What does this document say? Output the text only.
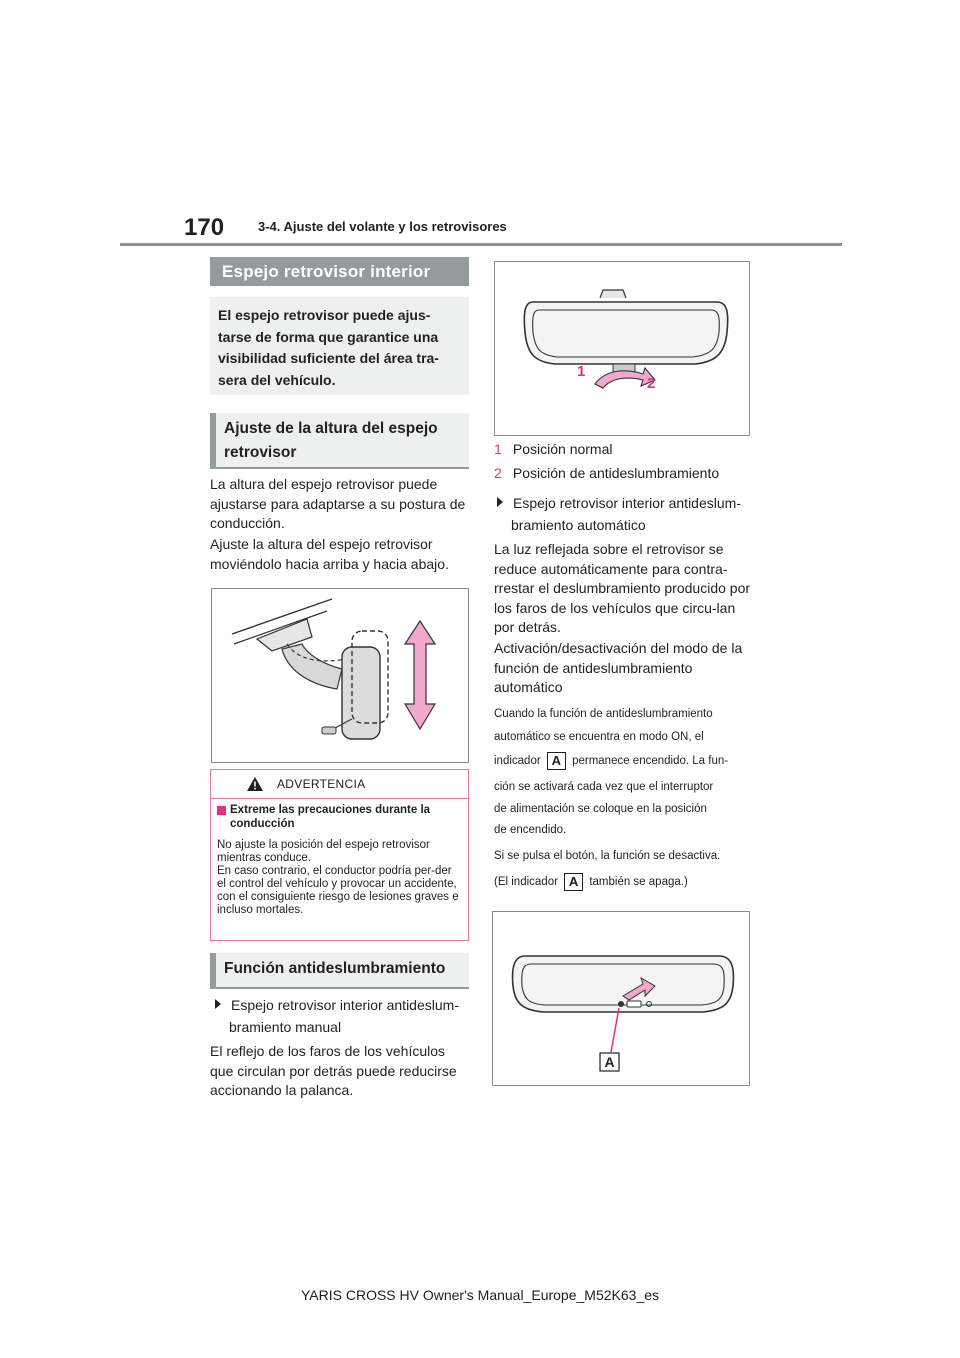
170	3-4. Ajuste del volante y los retrovisores
Espejo retrovisor interior
El espejo retrovisor puede ajus-
tarse de forma que garantice una
visibilidad suficiente del área tra-
sera del vehículo.
Ajuste de la altura del espejo
retrovisor
La altura del espejo retrovisor puede ajustarse para adaptarse a su postura de conducción.
Ajuste la altura del espejo retrovisor moviéndolo hacia arriba y hacia abajo.
ADVERTENCIA
Extreme las precauciones durante la conducción
No ajuste la posición del espejo retrovisor mientras conduce.
En caso contrario, el conductor podría per-der el control del vehículo y provocar un accidente, con el consiguiente riesgo de lesiones graves e incluso mortales.
Función antideslumbramiento
Espejo retrovisor interior antideslum-
bramiento manual
El reflejo de los faros de los vehículos que circulan por detrás puede reducirse accionando la palanca.
1
2
1 Posición normal
2 Posición de antideslumbramiento
Espejo retrovisor interior antideslum-
bramiento automático
La luz reflejada sobre el retrovisor se reduce automáticamente para contra-rrestar el deslumbramiento producido por los faros de los vehículos que circu-lan por detrás.
Activación/desactivación del modo de la función de antideslumbramiento automático
Cuando la función de antideslumbramiento
automático se encuentra en modo ON, el
indicador A permanece encendido. La fun-
ción se activará cada vez que el interruptor
de alimentación se coloque en la posición
de encendido.
Si se pulsa el botón, la función se desactiva.
(El indicador A también se apaga.)
A
YARIS CROSS HV Owner's Manual_Europe_M52K63_es
